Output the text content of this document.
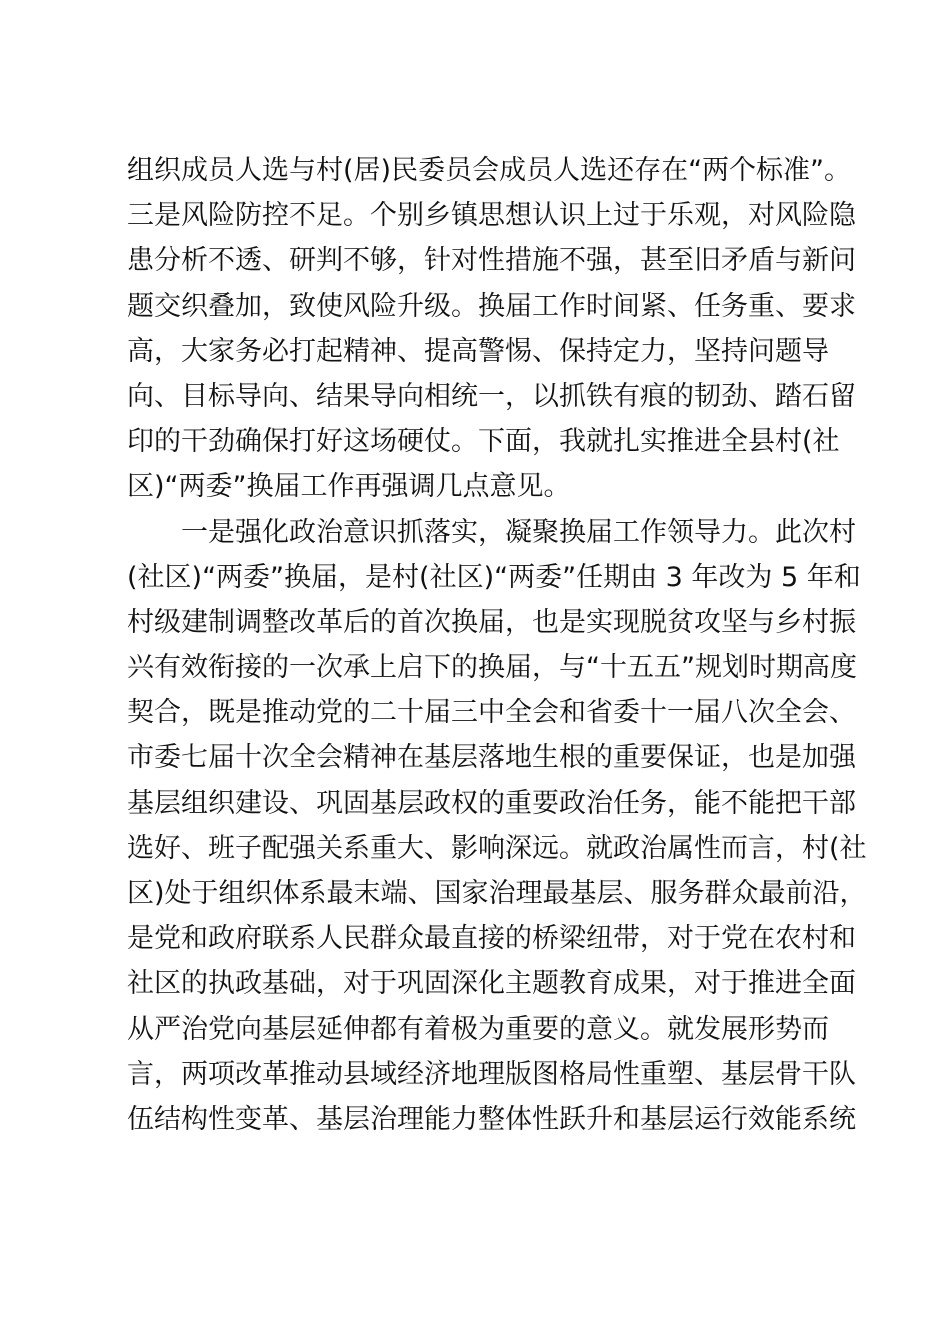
组织成员人选与村(居)民委员会成员人选还存在“两个标准”。
三是风险防控不足。个别乡镇思想认识上过于乐观，对风险隐
患分析不透、研判不够，针对性措施不强，甚至旧矛盾与新问
题交织叠加，致使风险升级。换届工作时间紧、任务重、要求
高，大家务必打起精神、提高警惕、保持定力，坚持问题导
向、目标导向、结果导向相统一，以抓铁有痕的韧劲、踏石留
印的干劲确保打好这场硬仗。下面，我就扎实推进全县村(社
区)“两委”换届工作再强调几点意见。
一是强化政治意识抓落实，凝聚换届工作领导力。此次村
(社区)“两委”换届，是村(社区)“两委”任期由 3 年改为 5 年和
村级建制调整改革后的首次换届，也是实现脱贫攻坚与乡村振
兴有效衔接的一次承上启下的换届，与“十五五”规划时期高度
契合，既是推动党的二十届三中全会和省委十一届八次全会、
市委七届十次全会精神在基层落地生根的重要保证，也是加强
基层组织建设、巩固基层政权的重要政治任务，能不能把干部
选好、班子配强关系重大、影响深远。就政治属性而言，村(社
区)处于组织体系最末端、国家治理最基层、服务群众最前沿，
是党和政府联系人民群众最直接的桥梁纽带，对于党在农村和
社区的执政基础，对于巩固深化主题教育成果，对于推进全面
从严治党向基层延伸都有着极为重要的意义。就发展形势而
言，两项改革推动县域经济地理版图格局性重塑、基层骨干队
伍结构性变革、基层治理能力整体性跃升和基层运行效能系统
